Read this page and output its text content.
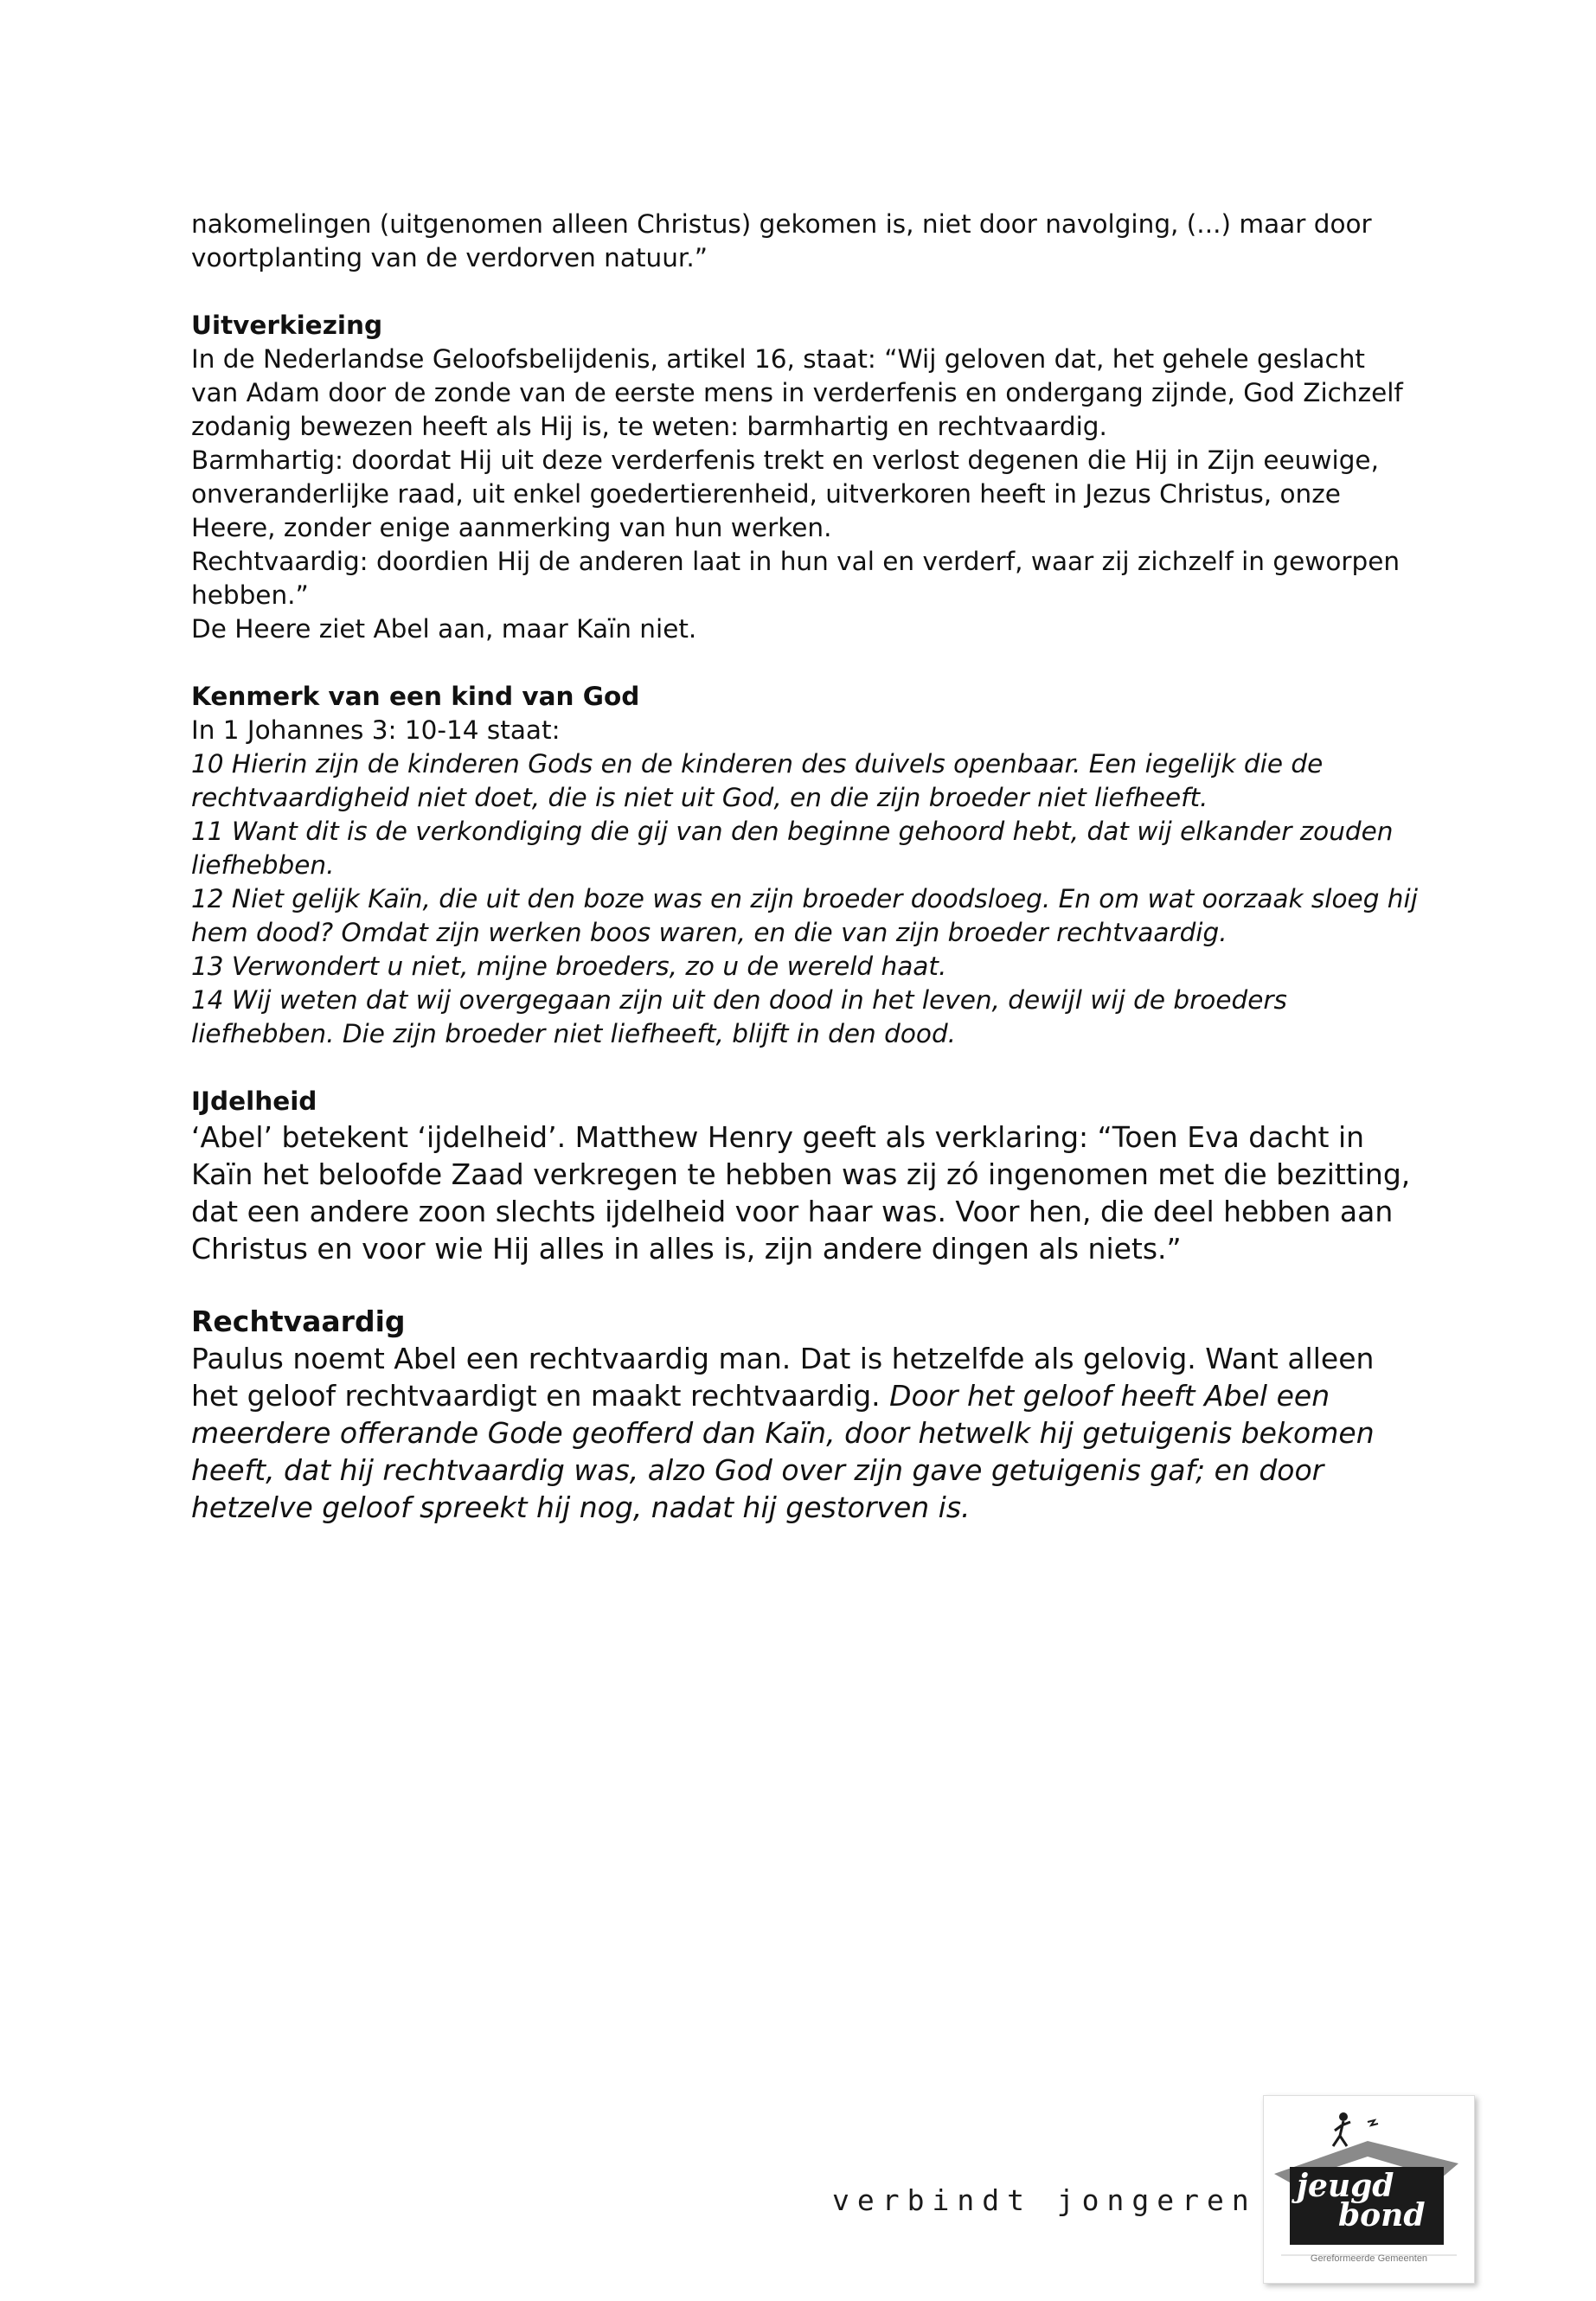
nakomelingen (uitgenomen alleen Christus) gekomen is, niet door navolging, (...) maar door voortplanting van de verdorven natuur.”

Uitverkiezing

In de Nederlandse Geloofsbelijdenis, artikel 16, staat: “Wij geloven dat, het gehele geslacht van Adam door de zonde van de eerste mens in verderfenis en ondergang zijnde, God Zichzelf zodanig bewezen heeft als Hij is, te weten: barmhartig en rechtvaardig.

Barmhartig: doordat Hij uit deze verderfenis trekt en verlost degenen die Hij in Zijn eeuwige, onveranderlijke raad, uit enkel goedertierenheid, uitverkoren heeft in Jezus Christus, onze Heere, zonder enige aanmerking van hun werken.

Rechtvaardig: doordien Hij de anderen laat in hun val en verderf, waar zij zichzelf in geworpen hebben.”

De Heere ziet Abel aan, maar Kaïn niet.

Kenmerk van een kind van God

In 1 Johannes 3: 10-14 staat:

10 Hierin zijn de kinderen Gods en de kinderen des duivels openbaar. Een iegelijk die de rechtvaardigheid niet doet, die is niet uit God, en die zijn broeder niet liefheeft.

11 Want dit is de verkondiging die gij van den beginne gehoord hebt, dat wij elkander zouden liefhebben.

12 Niet gelijk Kaïn, die uit den boze was en zijn broeder doodsloeg. En om wat oorzaak sloeg hij hem dood? Omdat zijn werken boos waren, en die van zijn broeder rechtvaardig.

13 Verwondert u niet, mijne broeders, zo u de wereld haat.

14 Wij weten dat wij overgegaan zijn uit den dood in het leven, dewijl wij de broeders liefhebben. Die zijn broeder niet liefheeft, blijft in den dood.

IJdelheid

‘Abel’ betekent ‘ijdelheid’. Matthew Henry geeft als verklaring: “Toen Eva dacht in Kaïn het beloofde Zaad verkregen te hebben was zij zó ingenomen met die bezitting, dat een andere zoon slechts ijdelheid voor haar was. Voor hen, die deel hebben aan Christus en voor wie Hij alles in alles is, zijn andere dingen als niets.”

Rechtvaardig

Paulus noemt Abel een rechtvaardig man. Dat is hetzelfde als gelovig. Want alleen het geloof rechtvaardigt en maakt rechtvaardig. Door het geloof heeft Abel een meerdere offerande Gode geofferd dan Kaïn, door hetwelk hij getuigenis bekomen heeft, dat hij rechtvaardig was, alzo God over zijn gave getuigenis gaf; en door hetzelve geloof spreekt hij nog, nadat hij gestorven is.

verbindt jongeren jeugd
bond
Gereformeerde Gemeenten
